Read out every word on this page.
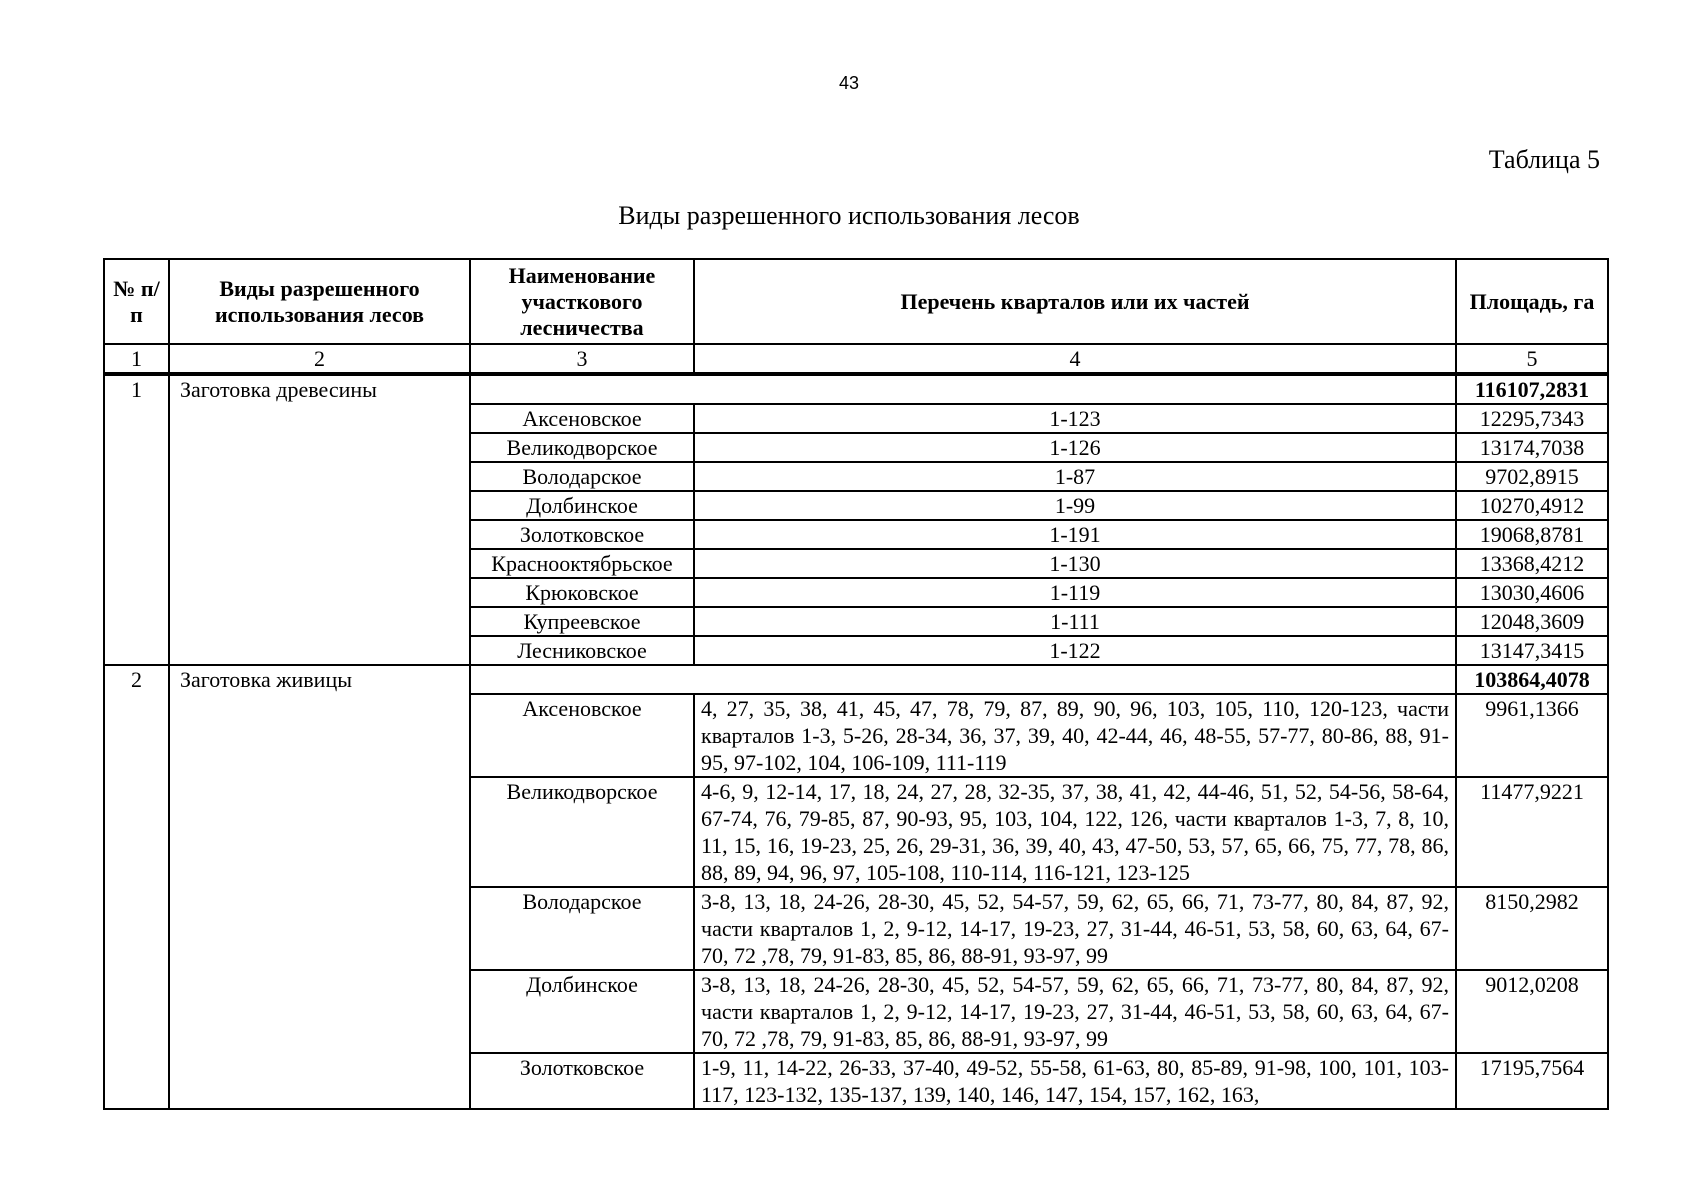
43
Таблица 5
Виды разрешенного использования лесов
№ п/п	Виды разрешенного использования лесов	Наименование участкового лесничества	Перечень кварталов или их частей	Площадь, га
1	2	3	4	5
1	Заготовка древесины			116107,2831
		Аксеновское	1-123	12295,7343
		Великодворское	1-126	13174,7038
		Володарское	1-87	9702,8915
		Долбинское	1-99	10270,4912
		Золотковское	1-191	19068,8781
		Краснооктябрьское	1-130	13368,4212
		Крюковское	1-119	13030,4606
		Купреевское	1-111	12048,3609
		Лесниковское	1-122	13147,3415
2	Заготовка живицы			103864,4078
		Аксеновское	4, 27, 35, 38, 41, 45, 47, 78, 79, 87, 89, 90, 96, 103, 105, 110, 120-123, части кварталов 1-3, 5-26, 28-34, 36, 37, 39, 40, 42-44, 46, 48-55, 57-77, 80-86, 88, 91-95, 97-102, 104, 106-109, 111-119	9961,1366
		Великодворское	4-6, 9, 12-14, 17, 18, 24, 27, 28, 32-35, 37, 38, 41, 42, 44-46, 51, 52, 54-56, 58-64, 67-74, 76, 79-85, 87, 90-93, 95, 103, 104, 122, 126, части кварталов 1-3, 7, 8, 10, 11, 15, 16, 19-23, 25, 26, 29-31, 36, 39, 40, 43, 47-50, 53, 57, 65, 66, 75, 77, 78, 86, 88, 89, 94, 96, 97, 105-108, 110-114, 116-121, 123-125	11477,9221
		Володарское	3-8, 13, 18, 24-26, 28-30, 45, 52, 54-57, 59, 62, 65, 66, 71, 73-77, 80, 84, 87, 92, части кварталов 1, 2, 9-12, 14-17, 19-23, 27, 31-44, 46-51, 53, 58, 60, 63, 64, 67-70, 72 ,78, 79, 91-83, 85, 86, 88-91, 93-97, 99	8150,2982
		Долбинское	3-8, 13, 18, 24-26, 28-30, 45, 52, 54-57, 59, 62, 65, 66, 71, 73-77, 80, 84, 87, 92, части кварталов 1, 2, 9-12, 14-17, 19-23, 27, 31-44, 46-51, 53, 58, 60, 63, 64, 67-70, 72 ,78, 79, 91-83, 85, 86, 88-91, 93-97, 99	9012,0208
		Золотковское	1-9, 11, 14-22, 26-33, 37-40, 49-52, 55-58, 61-63, 80, 85-89, 91-98, 100, 101, 103-117, 123-132, 135-137, 139, 140, 146, 147, 154, 157, 162, 163,	17195,7564
